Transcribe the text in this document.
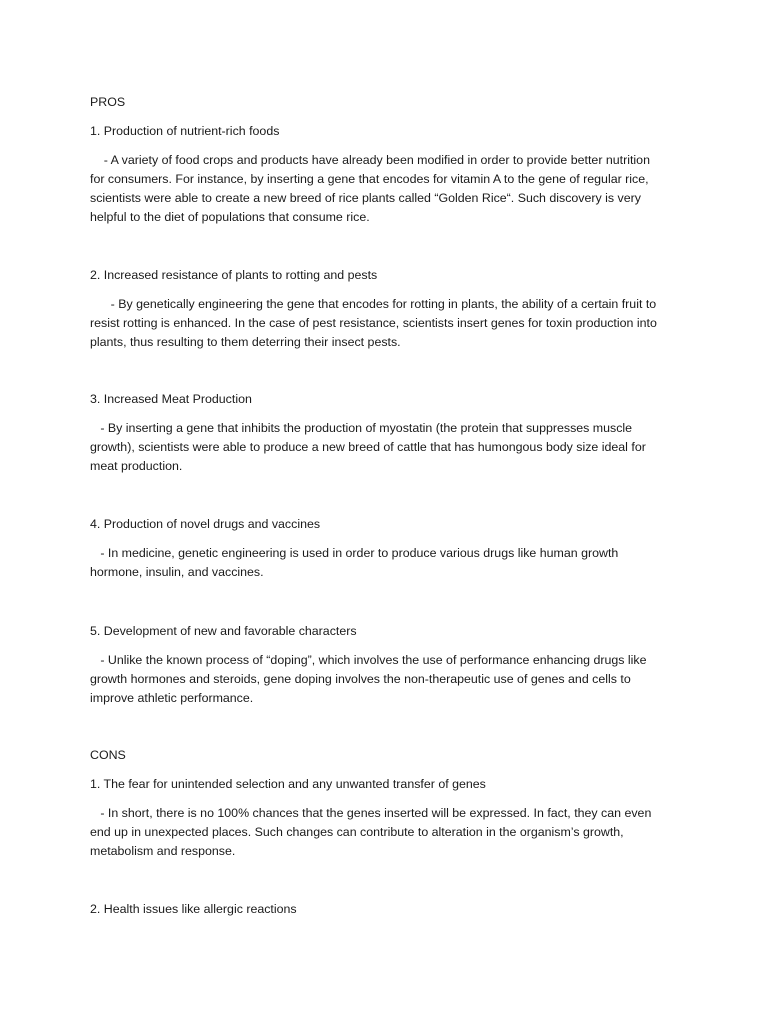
PROS

1. Production of nutrient-rich foods

- A variety of food crops and products have already been modified in order to provide better nutrition

for consumers. For instance, by inserting a gene that encodes for vitamin A to the gene of regular rice,

scientists were able to create a new breed of rice plants called “Golden Rice“. Such discovery is very

helpful to the diet of populations that consume rice.

2. Increased resistance of plants to rotting and pests

- By genetically engineering the gene that encodes for rotting in plants, the ability of a certain fruit to

resist rotting is enhanced. In the case of pest resistance, scientists insert genes for toxin production into

plants, thus resulting to them deterring their insect pests.

3. Increased Meat Production

- By inserting a gene that inhibits the production of myostatin (the protein that suppresses muscle

growth), scientists were able to produce a new breed of cattle that has humongous body size ideal for

meat production.

4. Production of novel drugs and vaccines

- In medicine, genetic engineering is used in order to produce various drugs like human growth

hormone, insulin, and vaccines.

5. Development of new and favorable characters

- Unlike the known process of “doping”, which involves the use of performance enhancing drugs like

growth hormones and steroids, gene doping involves the non-therapeutic use of genes and cells to

improve athletic performance.

CONS

1. The fear for unintended selection and any unwanted transfer of genes

- In short, there is no 100% chances that the genes inserted will be expressed. In fact, they can even

end up in unexpected places. Such changes can contribute to alteration in the organism’s growth,

metabolism and response.

2. Health issues like allergic reactions
